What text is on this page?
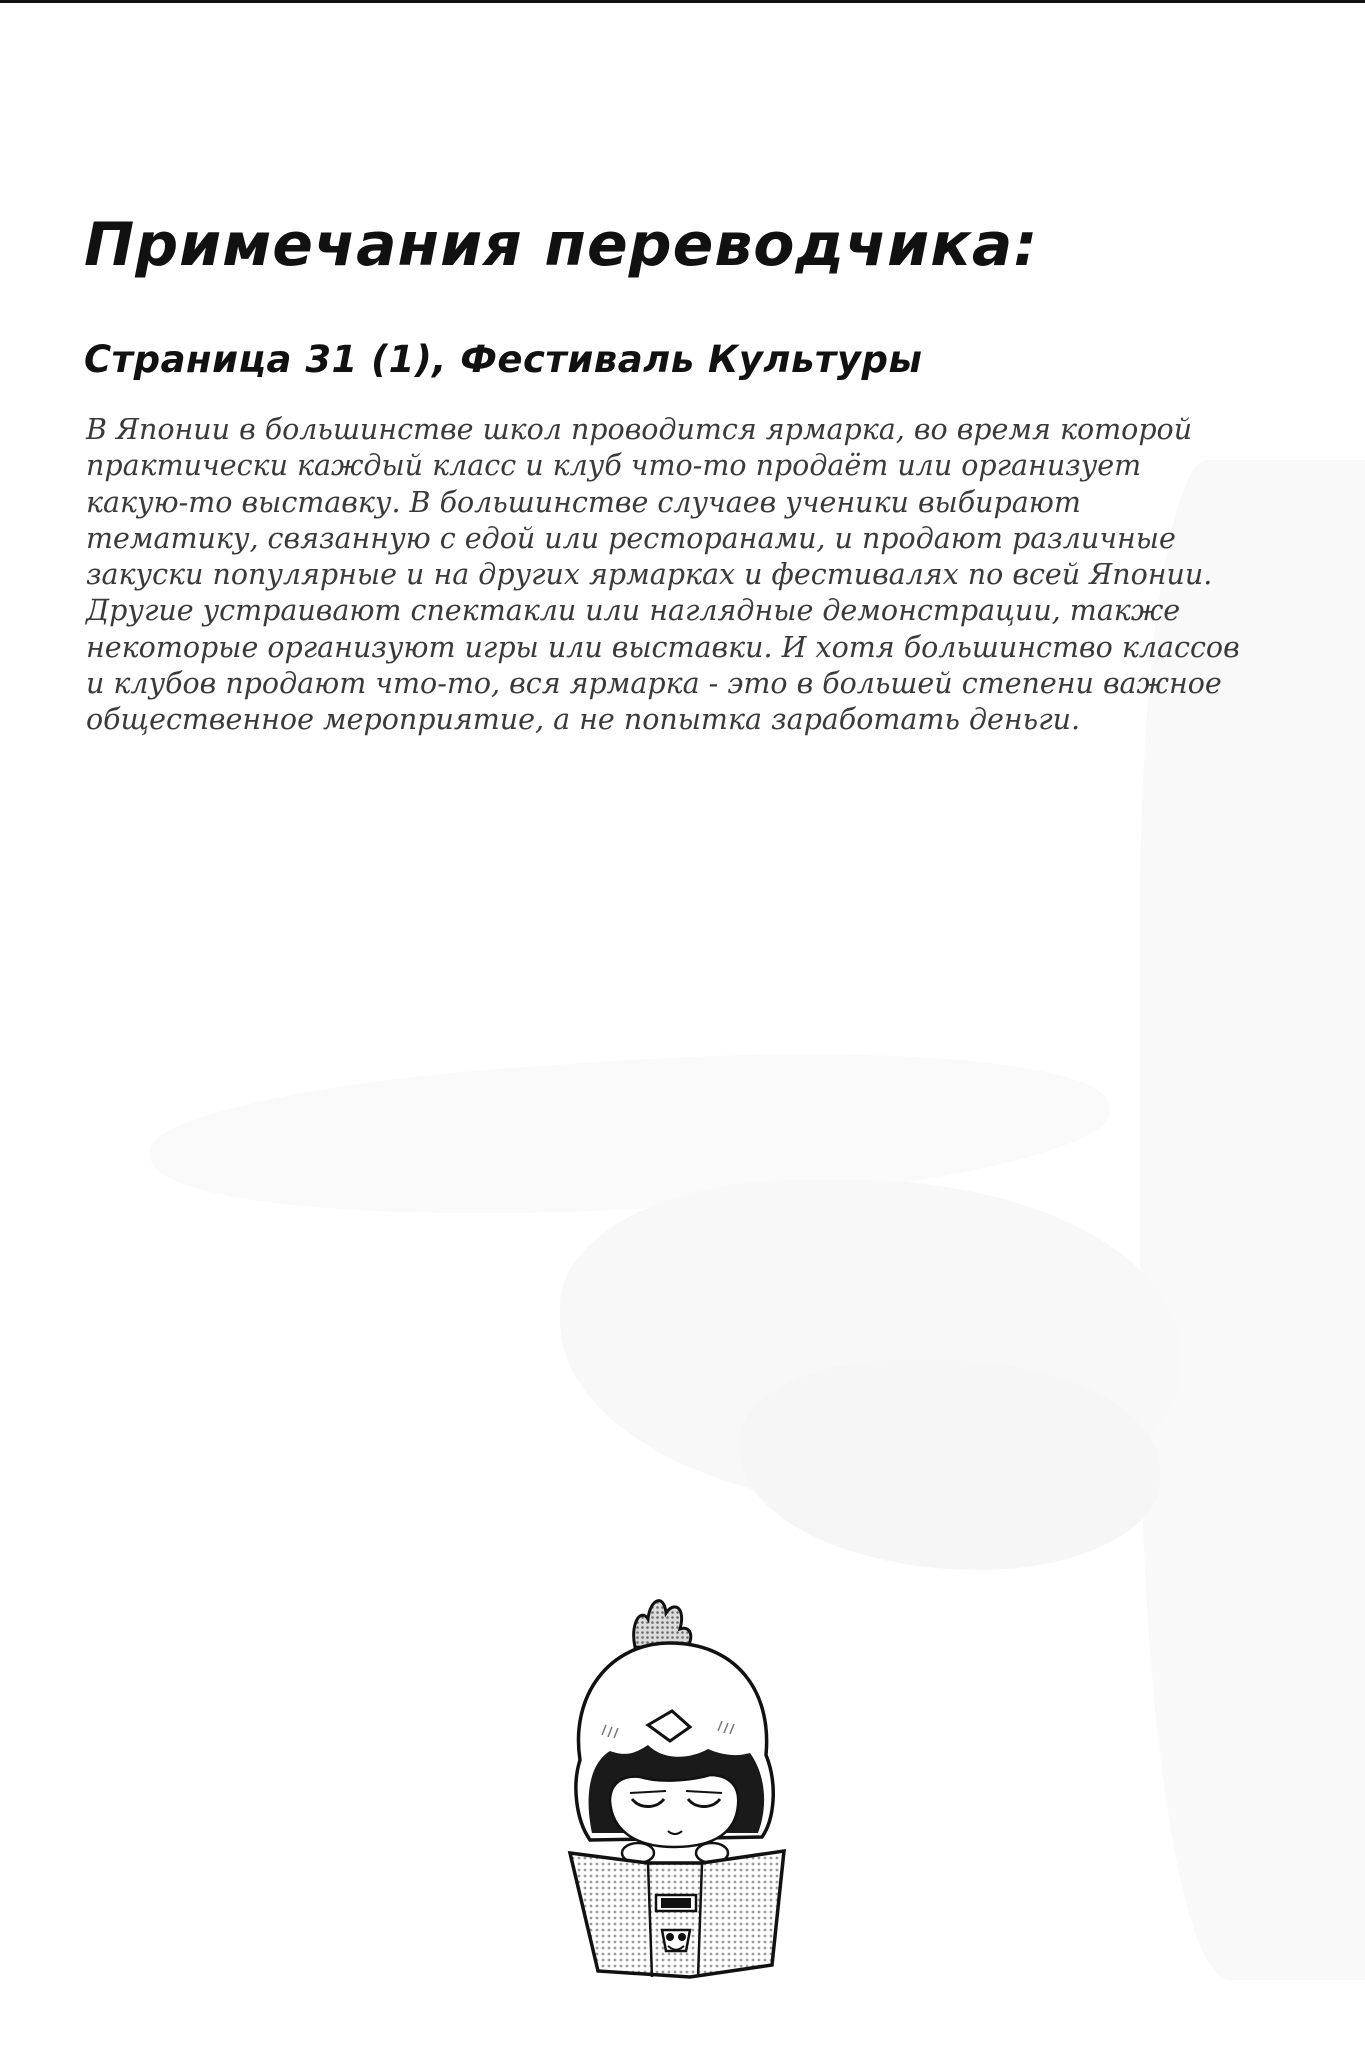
Примечания переводчика:
Страница 31 (1), Фестиваль Культуры

В Японии в большинстве школ проводится ярмарка, во время которой
практически каждый класс и клуб что-то продаёт или организует
какую-то выставку. В большинстве случаев ученики выбирают
тематику, связанную с едой или ресторанами, и продают различные
закуски популярные и на других ярмарках и фестивалях по всей Японии.
Другие устраивают спектакли или наглядные демонстрации, также
некоторые организуют игры или выставки. И хотя большинство классов
и клубов продают что-то, вся ярмарка - это в большей степени важное
общественное мероприятие, а не попытка заработать деньги.
